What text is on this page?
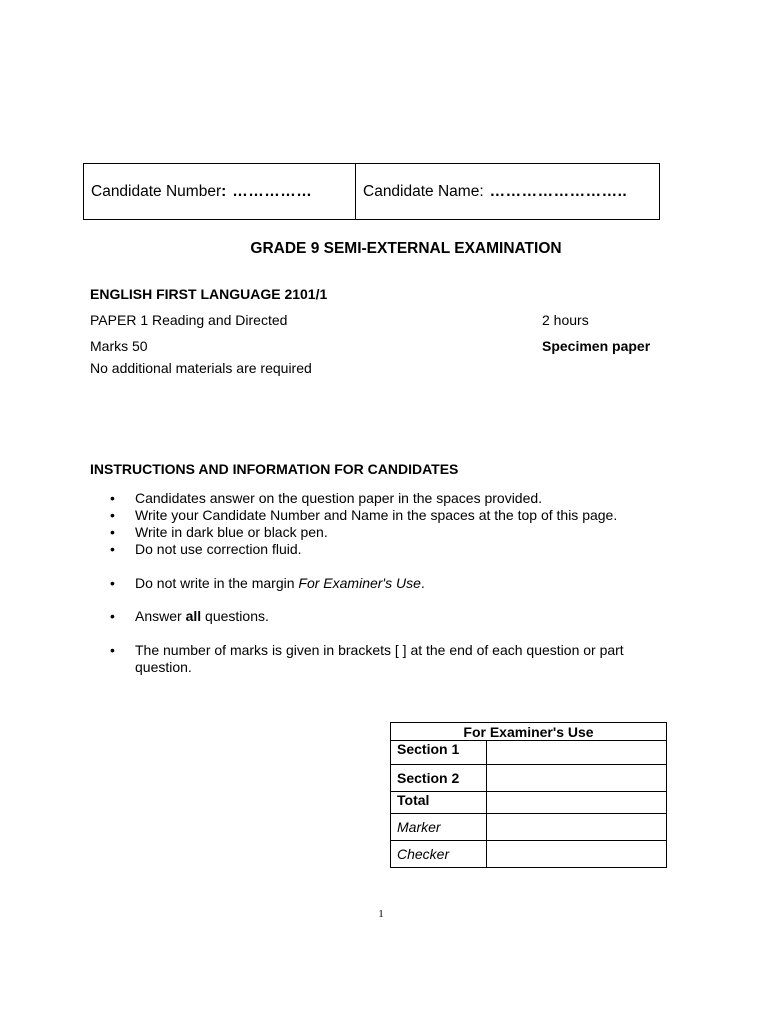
Candidate Number : ……………	Candidate Name: ……………………..
GRADE 9 SEMI-EXTERNAL EXAMINATION
ENGLISH FIRST LANGUAGE 2101/1
PAPER 1 Reading and Directed	2 hours
Marks 50	Specimen paper
No additional materials are required
INSTRUCTIONS AND INFORMATION FOR CANDIDATES
•	Candidates answer on the question paper in the spaces provided.
•	Write your Candidate Number and Name in the spaces at the top of this page.
•	Write in dark blue or black pen.
•	Do not use correction fluid.
•	Do not write in the margin For Examiner's Use.
•	Answer all questions.
•	The number of marks is given in brackets [ ] at the end of each question or part question.
For Examiner's Use	
Section 1	
Section 2	
Total	
Marker	
Checker	
1
